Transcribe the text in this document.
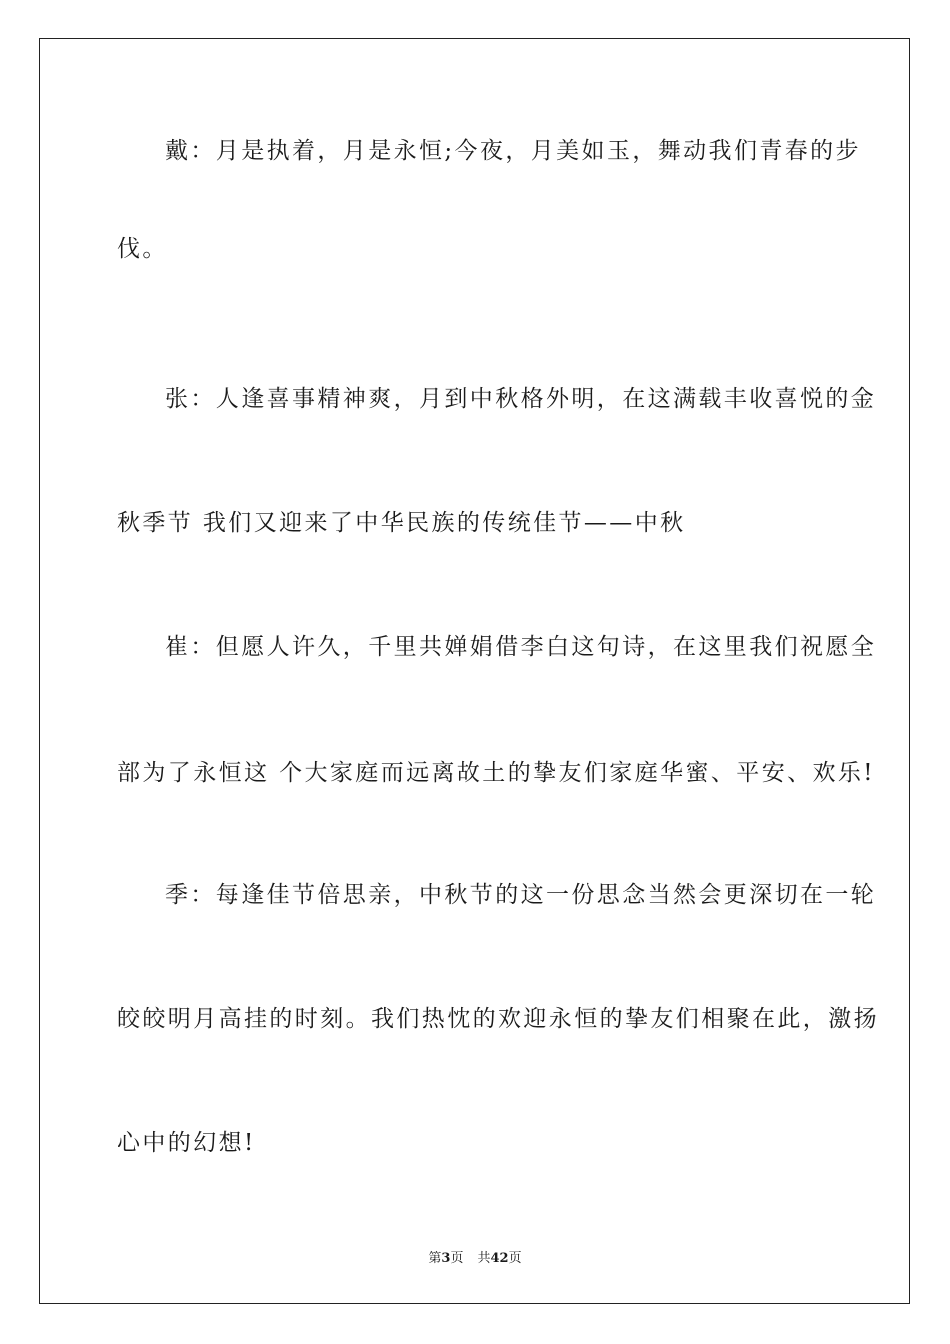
戴：月是执着，月是永恒;今夜，月美如玉，舞动我们青春的步
伐。
张：人逢喜事精神爽，月到中秋格外明，在这满载丰收喜悦的金
秋季节 我们又迎来了中华民族的传统佳节——中秋
崔：但愿人许久，千里共婵娟借李白这句诗，在这里我们祝愿全
部为了永恒这 个大家庭而远离故土的挚友们家庭华蜜、平安、欢乐!
季：每逢佳节倍思亲，中秋节的这一份思念当然会更深切在一轮
皎皎明月高挂的时刻。我们热忱的欢迎永恒的挚友们相聚在此，激扬
心中的幻想!
第3页 共42页
